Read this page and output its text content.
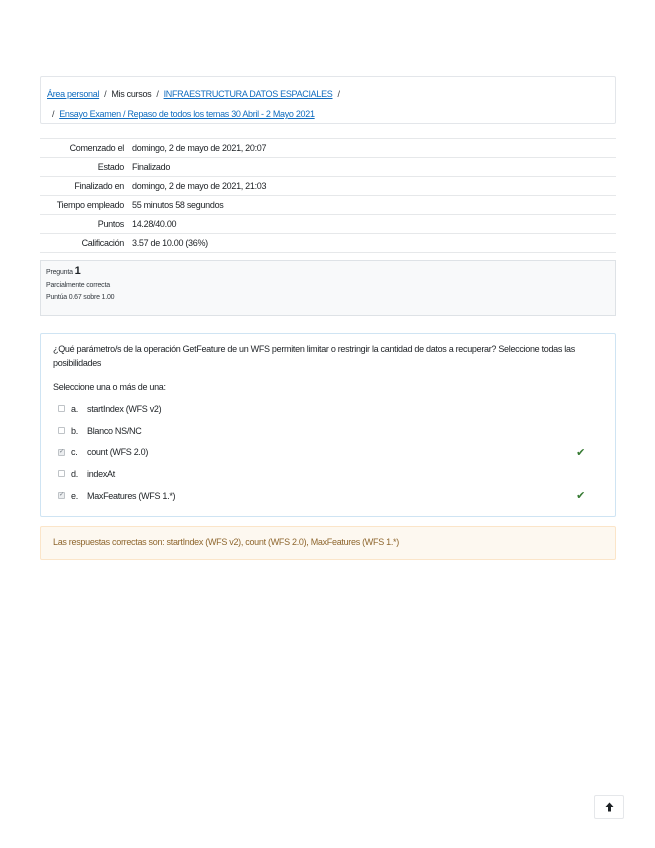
Área personal / Mis cursos / INFRAESTRUCTURA DATOS ESPACIALES /
/ Ensayo Examen / Repaso de todos los temas 30 Abril - 2 Mayo 2021
Comenzado el	domingo, 2 de mayo de 2021, 20:07
Estado	Finalizado
Finalizado en	domingo, 2 de mayo de 2021, 21:03
Tiempo empleado	55 minutos 58 segundos
Puntos	14.28/40.00
Calificación	3.57 de 10.00 (36%)
Pregunta 1
Parcialmente correcta
Puntúa 0.67 sobre 1.00
¿Qué parámetro/s de la operación GetFeature de un WFS permiten limitar o restringir la cantidad de datos a recuperar? Seleccione todas las posibilidades
Seleccione una o más de una:
a.	startIndex (WFS v2)
b.	Blanco NS/NC
✓ c.	count (WFS 2.0)	✔
d.	indexAt
✓ e.	MaxFeatures (WFS 1.*)	✔
Las respuestas correctas son: startIndex (WFS v2), count (WFS 2.0), MaxFeatures (WFS 1.*)
